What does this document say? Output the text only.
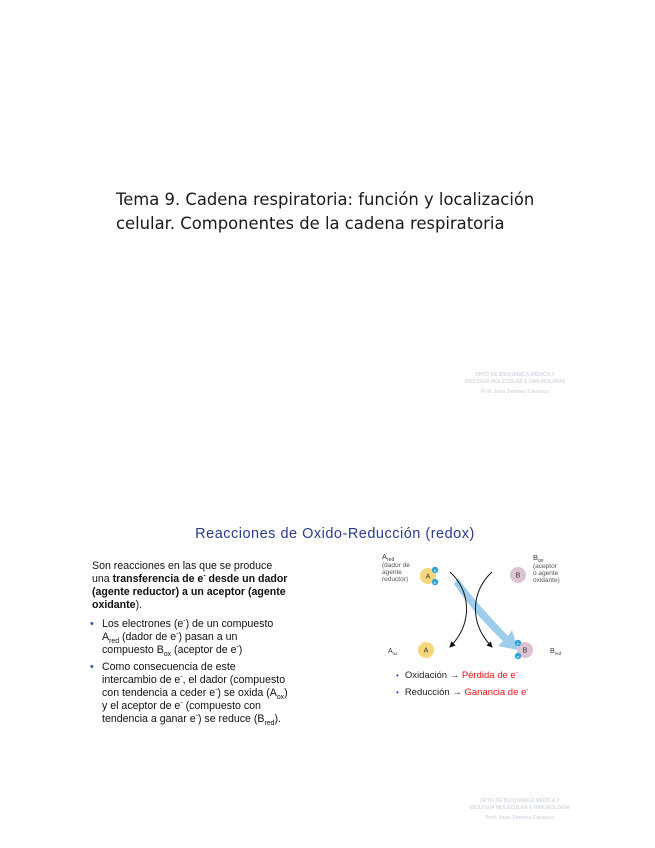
Tema 9. Cadena respiratoria: función y localización
celular. Componentes de la cadena respiratoria
DPTO DE BIOQUÍMICA MÉDICA Y
BIOLOGÍA MOLECULAR E INMUNOLOGÍA
Prof. Juan Jiménez Carrasco
Reacciones de Oxido-Reducción (redox)
Son reacciones en las que se produce una transferencia de e- desde un dador (agente reductor) a un aceptor (agente oxidante).
• Los electrones (e-) de un compuesto $A_{red}$ (dador de e-) pasan a un compuesto $B_{ox}$ (aceptor de e-)
• Como consecuencia de este intercambio de e-, el dador (compuesto con tendencia a ceder e-) se oxida $(A_{ox})$ y el aceptor de e- (compuesto con tendencia a ganar e-) se reduce $(B_{red})$.
$A_{red}$
(dador de
agente
reductor)	A
e
e
B
$B_{ox}$
(aceptor
o agente
oxidante)
$A_{ox}$	A	B
e
e
$B_{red}$
• Oxidación → Pérdida de e-
• Reducción → Ganancia de e-
DPTO DE BIOQUÍMICA MÉDICA Y
BIOLOGÍA MOLECULAR E INMUNOLOGÍA
Prof. Juan Jiménez Carrasco
